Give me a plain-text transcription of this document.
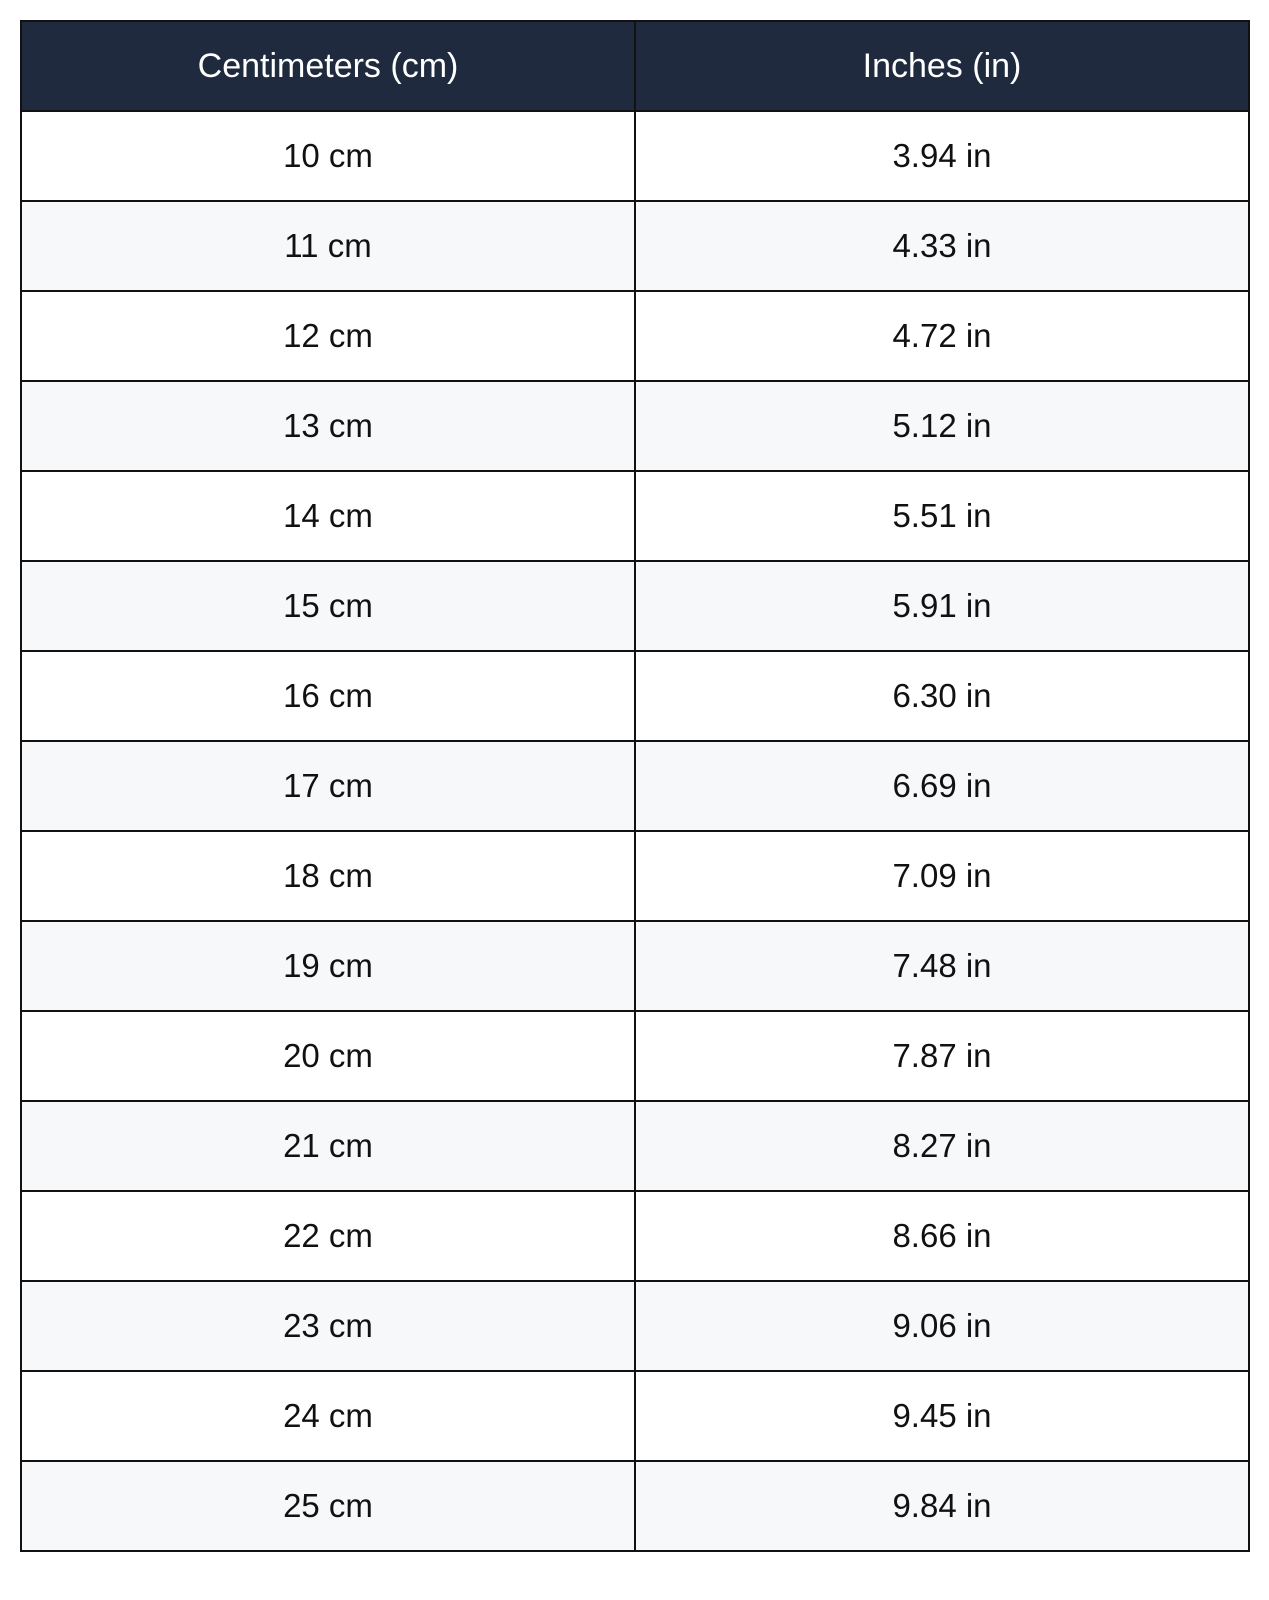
Centimeters (cm)	Inches (in)
10 cm	3.94 in
11 cm	4.33 in
12 cm	4.72 in
13 cm	5.12 in
14 cm	5.51 in
15 cm	5.91 in
16 cm	6.30 in
17 cm	6.69 in
18 cm	7.09 in
19 cm	7.48 in
20 cm	7.87 in
21 cm	8.27 in
22 cm	8.66 in
23 cm	9.06 in
24 cm	9.45 in
25 cm	9.84 in
